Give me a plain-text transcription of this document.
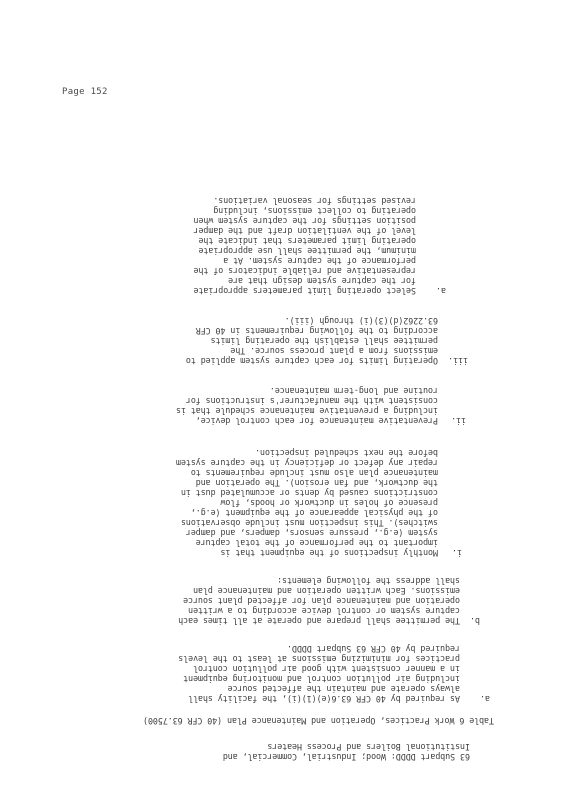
Page 152
63 Subpart DDDD: Wood; Industrial, Commercial, and
Institutional Boilers and Process Heaters
Table 6 Work Practices, Operation and Maintenance Plan (40 CFR 63.7500)
a.
As required by 40 CFR 63.6(e)(1)(i), the facility shall
always operate and maintain the affected source
including air pollution control and monitoring equipment
in a manner consistent with good air pollution control
practices for minimizing emissions at least to the levels
required by 40 CFR 63 Subpart DDDD.
b.
The permittee shall prepare and operate at all times each
capture system or control device according to a written
operation and maintenance plan for affected plant source
emissions. Each written operation and maintenance plan
shall address the following elements:
i.
Monthly inspections of the equipment that is
important to the performance of the total capture
system (e.g., pressure sensors, dampers, and damper
switches). This inspection must include observations
of the physical appearance of the equipment (e.g.,
presence of holes in ductwork or hoods, flow
constrictions caused by dents or accumulated dust in
the ductwork, and fan erosion). The operation and
maintenance plan also must include requirements to
repair any defect or deficiency in the capture system
before the next scheduled inspection.
ii.
Preventative maintenance for each control device,
including a preventative maintenance schedule that is
consistent with the manufacturer's instructions for
routine and long-term maintenance.
iii.
Operating limits for each capture system applied to
emissions from a plant process source. The
permittee shall establish the operating limits
according to the following requirements in 40 CFR
63.2262(d)(3)(i) through (iii).
a.
Select operating limit parameters appropriate
for the capture system design that are
representative and reliable indicators of the
performance of the capture system. At a
minimum, the permittee shall use appropriate
operating limit parameters that indicate the
level of the ventilation draft and the damper
position settings for the capture system when
operating to collect emissions, including
revised settings for seasonal variations.
